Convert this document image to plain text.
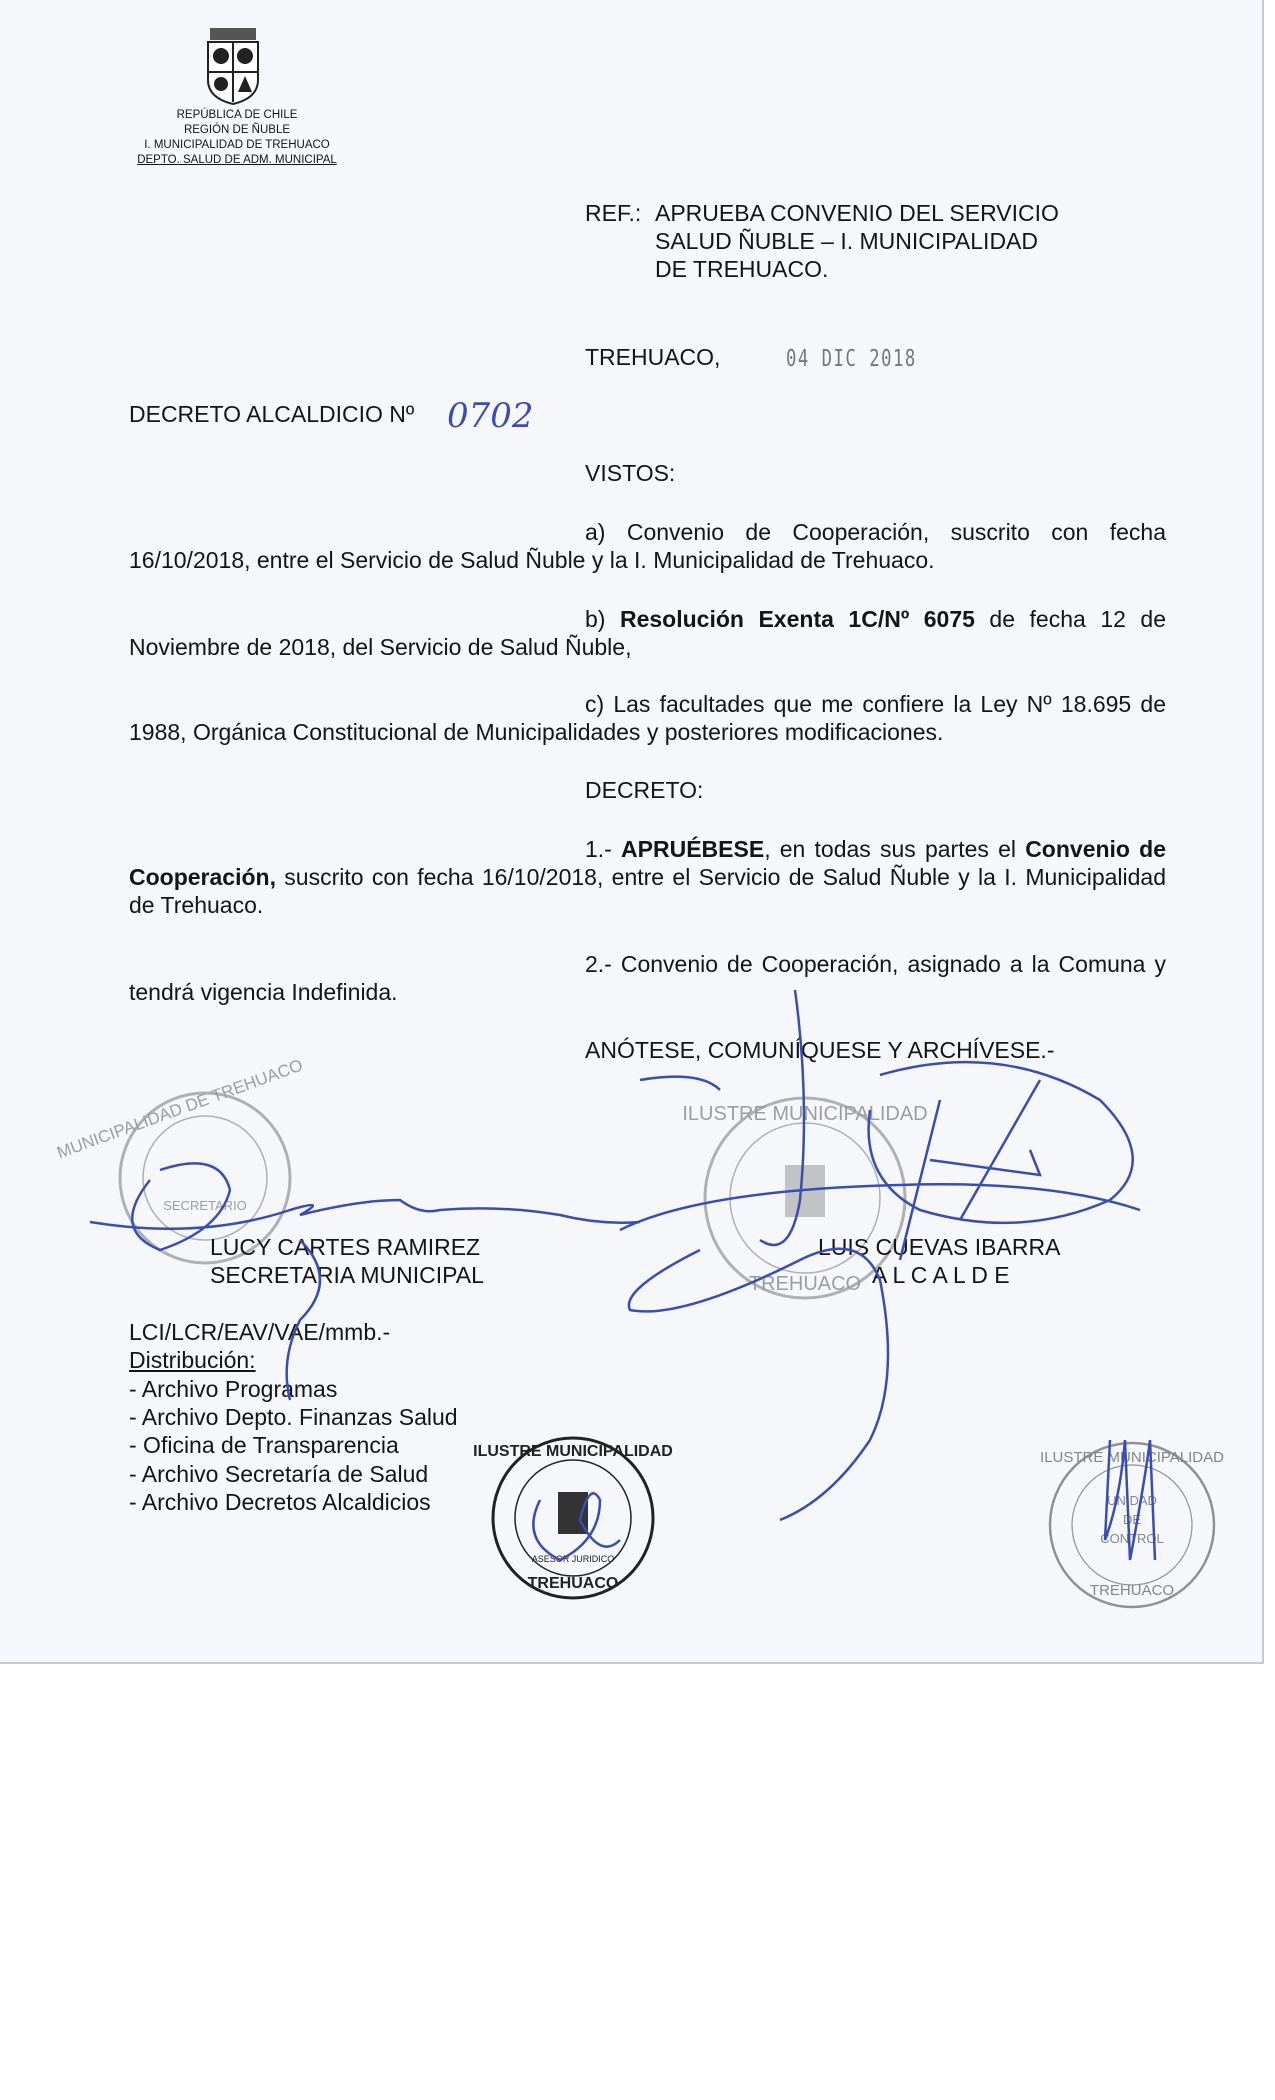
REPÚBLICA DE CHILE
REGIÓN DE ÑUBLE
I. MUNICIPALIDAD DE TREHUACO
DEPTO. SALUD DE ADM. MUNICIPAL
REF.: APRUEBA CONVENIO DEL SERVICIO
SALUD ÑUBLE – I. MUNICIPALIDAD
DE TREHUACO.
TREHUACO,	04 DIC 2018
DECRETO ALCALDICIO Nº 0702
VISTOS:
a) Convenio de Cooperación, suscrito con fecha 16/10/2018, entre el Servicio de Salud Ñuble y la I. Municipalidad de Trehuaco.
b) Resolución Exenta 1C/Nº 6075 de fecha 12 de Noviembre de 2018, del Servicio de Salud Ñuble,
c) Las facultades que me confiere la Ley Nº 18.695 de 1988, Orgánica Constitucional de Municipalidades y posteriores modificaciones.
DECRETO:
1.- APRUÉBESE, en todas sus partes el Convenio de Cooperación, suscrito con fecha 16/10/2018, entre el Servicio de Salud Ñuble y la I. Municipalidad de Trehuaco.
2.- Convenio de Cooperación, asignado a la Comuna y tendrá vigencia Indefinida.
ANÓTESE, COMUNÍQUESE Y ARCHÍVESE.-
MUNICIPALIDAD DE TREHUACO
SECRETARIO
ILUSTRE MUNICIPALIDAD
TREHUACO
ILUSTRE MUNICIPALIDAD
TREHUACO
ASESOR JURIDICO
ILUSTRE MUNICIPALIDAD
UNIDAD
DE
CONTROL
TREHUACO
LUCY CARTES RAMIREZ
SECRETARIA MUNICIPAL
LUIS CUEVAS IBARRA
A L C A L D E
LCI/LCR/EAV/VAE/mmb.-
Distribución:
- Archivo Programas
- Archivo Depto. Finanzas Salud
- Oficina de Transparencia
- Archivo Secretaría de Salud
- Archivo Decretos Alcaldicios
